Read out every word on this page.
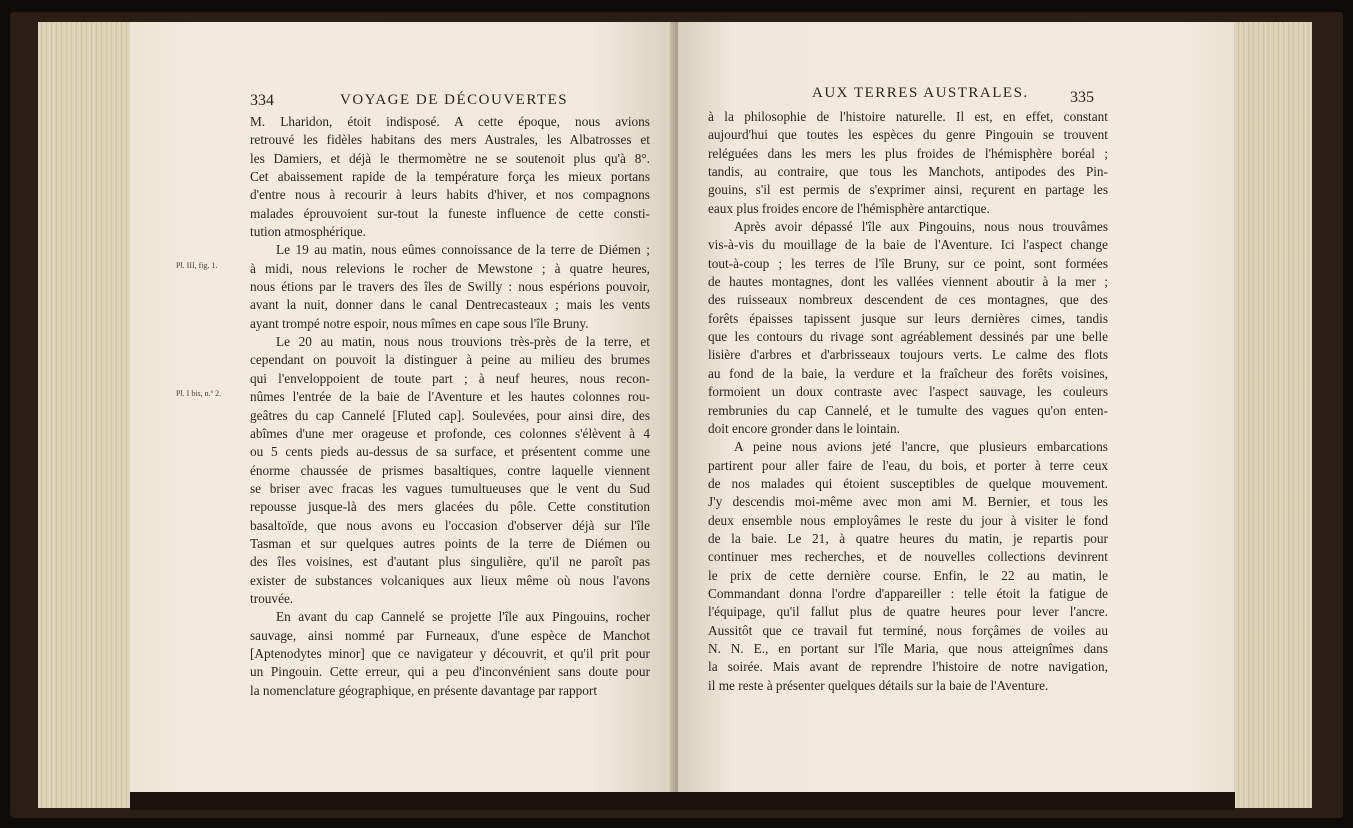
334	VOYAGE DE DÉCOUVERTES
Pl. III, fig. 1.
Pl. I bis, n.º 2.
M. Lharidon, étoit indisposé. A cette époque, nous avions
retrouvé les fidèles habitans des mers Australes, les Albatrosses et
les Damiers, et déjà le thermomètre ne se soutenoit plus qu'à 8°.
Cet abaissement rapide de la température força les mieux portans
d'entre nous à recourir à leurs habits d'hiver, et nos compagnons
malades éprouvoient sur-tout la funeste influence de cette consti-
tution atmosphérique.
Le 19 au matin, nous eûmes connoissance de la terre de Diémen ;
à midi, nous relevions le rocher de Mewstone ; à quatre heures,
nous étions par le travers des îles de Swilly : nous espérions pouvoir,
avant la nuit, donner dans le canal Dentrecasteaux ; mais les vents
ayant trompé notre espoir, nous mîmes en cape sous l'île Bruny.
Le 20 au matin, nous nous trouvions très-près de la terre, et
cependant on pouvoit la distinguer à peine au milieu des brumes
qui l'enveloppoient de toute part ; à neuf heures, nous recon-
nûmes l'entrée de la baie de l'Aventure et les hautes colonnes rou-
geâtres du cap Cannelé [Fluted cap]. Soulevées, pour ainsi dire, des
abîmes d'une mer orageuse et profonde, ces colonnes s'élèvent à 4
ou 5 cents pieds au-dessus de sa surface, et présentent comme une
énorme chaussée de prismes basaltiques, contre laquelle viennent
se briser avec fracas les vagues tumultueuses que le vent du Sud
repousse jusque-là des mers glacées du pôle. Cette constitution
basaltoïde, que nous avons eu l'occasion d'observer déjà sur l'île
Tasman et sur quelques autres points de la terre de Diémen ou
des îles voisines, est d'autant plus singulière, qu'il ne paroît pas
exister de substances volcaniques aux lieux même où nous l'avons
trouvée.
En avant du cap Cannelé se projette l'île aux Pingouins, rocher
sauvage, ainsi nommé par Furneaux, d'une espèce de Manchot
[Aptenodytes minor] que ce navigateur y découvrit, et qu'il prit pour
un Pingouin. Cette erreur, qui a peu d'inconvénient sans doute pour
la nomenclature géographique, en présente davantage par rapport
AUX TERRES AUSTRALES.	335
à la philosophie de l'histoire naturelle. Il est, en effet, constant
aujourd'hui que toutes les espèces du genre Pingouin se trouvent
reléguées dans les mers les plus froides de l'hémisphère boréal ;
tandis, au contraire, que tous les Manchots, antipodes des Pin-
gouins, s'il est permis de s'exprimer ainsi, reçurent en partage les
eaux plus froides encore de l'hémisphère antarctique.
Après avoir dépassé l'île aux Pingouins, nous nous trouvâmes
vis-à-vis du mouillage de la baie de l'Aventure. Ici l'aspect change
tout-à-coup ; les terres de l'île Bruny, sur ce point, sont formées
de hautes montagnes, dont les vallées viennent aboutir à la mer ;
des ruisseaux nombreux descendent de ces montagnes, que des
forêts épaisses tapissent jusque sur leurs dernières cimes, tandis
que les contours du rivage sont agréablement dessinés par une belle
lisière d'arbres et d'arbrisseaux toujours verts. Le calme des flots
au fond de la baie, la verdure et la fraîcheur des forêts voisines,
formoient un doux contraste avec l'aspect sauvage, les couleurs
rembrunies du cap Cannelé, et le tumulte des vagues qu'on enten-
doit encore gronder dans le lointain.
A peine nous avions jeté l'ancre, que plusieurs embarcations
partirent pour aller faire de l'eau, du bois, et porter à terre ceux
de nos malades qui étoient susceptibles de quelque mouvement.
J'y descendis moi-même avec mon ami M. Bernier, et tous les
deux ensemble nous employâmes le reste du jour à visiter le fond
de la baie. Le 21, à quatre heures du matin, je repartis pour
continuer mes recherches, et de nouvelles collections devinrent
le prix de cette dernière course. Enfin, le 22 au matin, le
Commandant donna l'ordre d'appareiller : telle étoit la fatigue de
l'équipage, qu'il fallut plus de quatre heures pour lever l'ancre.
Aussitôt que ce travail fut terminé, nous forçâmes de voiles au
N. N. E., en portant sur l'île Maria, que nous atteignîmes dans
la soirée. Mais avant de reprendre l'histoire de notre navigation,
il me reste à présenter quelques détails sur la baie de l'Aventure.
